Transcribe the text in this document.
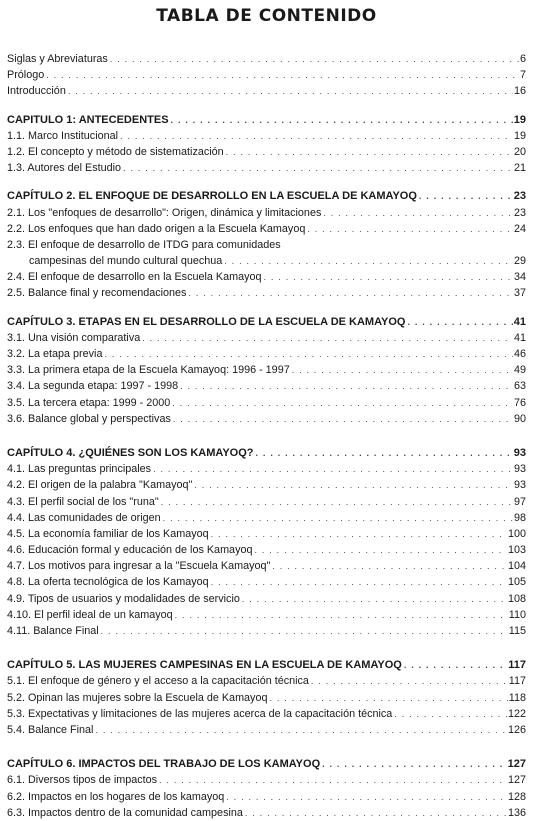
TABLA DE CONTENIDO
Siglas y Abreviaturas . . .	6
Prólogo . . .	7
Introducción . . .	16
CAPITULO 1: ANTECEDENTES . . .	19
1.1. Marco Institucional . . .	19
1.2. El concepto y método de sistematización . . .	20
1.3. Autores del Estudio . . .	21
CAPÍTULO 2. EL ENFOQUE DE DESARROLLO EN LA ESCUELA DE KAMAYOQ . . .	23
2.1. Los "enfoques de desarrollo": Origen, dinámica y limitaciones . . .	23
2.2. Los enfoques que han dado origen a la Escuela Kamayoq . . .	24
2.3. El enfoque de desarrollo de ITDG para comunidades
campesinas del mundo cultural quechua . . .	29
2.4. El enfoque de desarrollo en la Escuela Kamayoq . . .	34
2.5. Balance final y recomendaciones . . .	37
CAPÍTULO 3. ETAPAS EN EL DESARROLLO DE LA ESCUELA DE KAMAYOQ . . .	41
3.1. Una visión comparativa . . .	41
3.2. La etapa previa . . .	46
3.3. La primera etapa de la Escuela Kamayoq: 1996 - 1997 . . .	49
3.4. La segunda etapa: 1997 - 1998 . . .	63
3.5. La tercera etapa: 1999 - 2000 . . .	76
3.6. Balance global y perspectivas . . .	90
CAPÍTULO 4. ¿QUIÉNES SON LOS KAMAYOQ? . . .	93
4.1. Las preguntas principales . . .	93
4.2. El origen de la palabra "Kamayoq" . . .	93
4.3. El perfil social de los "runa" . . .	97
4.4. Las comunidades de origen . . .	98
4.5. La economía familiar de los Kamayoq . . .	100
4.6. Educación formal y educación de los Kamayoq . . .	103
4.7. Los motivos para ingresar a la "Escuela Kamayoq" . . .	104
4.8. La oferta tecnológica de los Kamayoq . . .	105
4.9. Tipos de usuarios y modalidades de servicio . . .	108
4.10. El perfil ideal de un kamayoq . . .	110
4.11. Balance Final . . .	115
CAPÍTULO 5. LAS MUJERES CAMPESINAS EN LA ESCUELA DE KAMAYOQ . . .	117
5.1. El enfoque de género y el acceso a la capacitación técnica . . .	117
5.2. Opinan las mujeres sobre la Escuela de Kamayoq . . .	118
5.3. Expectativas y limitaciones de las mujeres acerca de la capacitación técnica . . .	122
5.4. Balance Final . . .	126
CAPÍTULO 6. IMPACTOS DEL TRABAJO DE LOS KAMAYOQ . . .	127
6.1. Diversos tipos de impactos . . .	127
6.2. Impactos en los hogares de los kamayoq . . .	128
6.3. Impactos dentro de la comunidad campesina . . .	136
